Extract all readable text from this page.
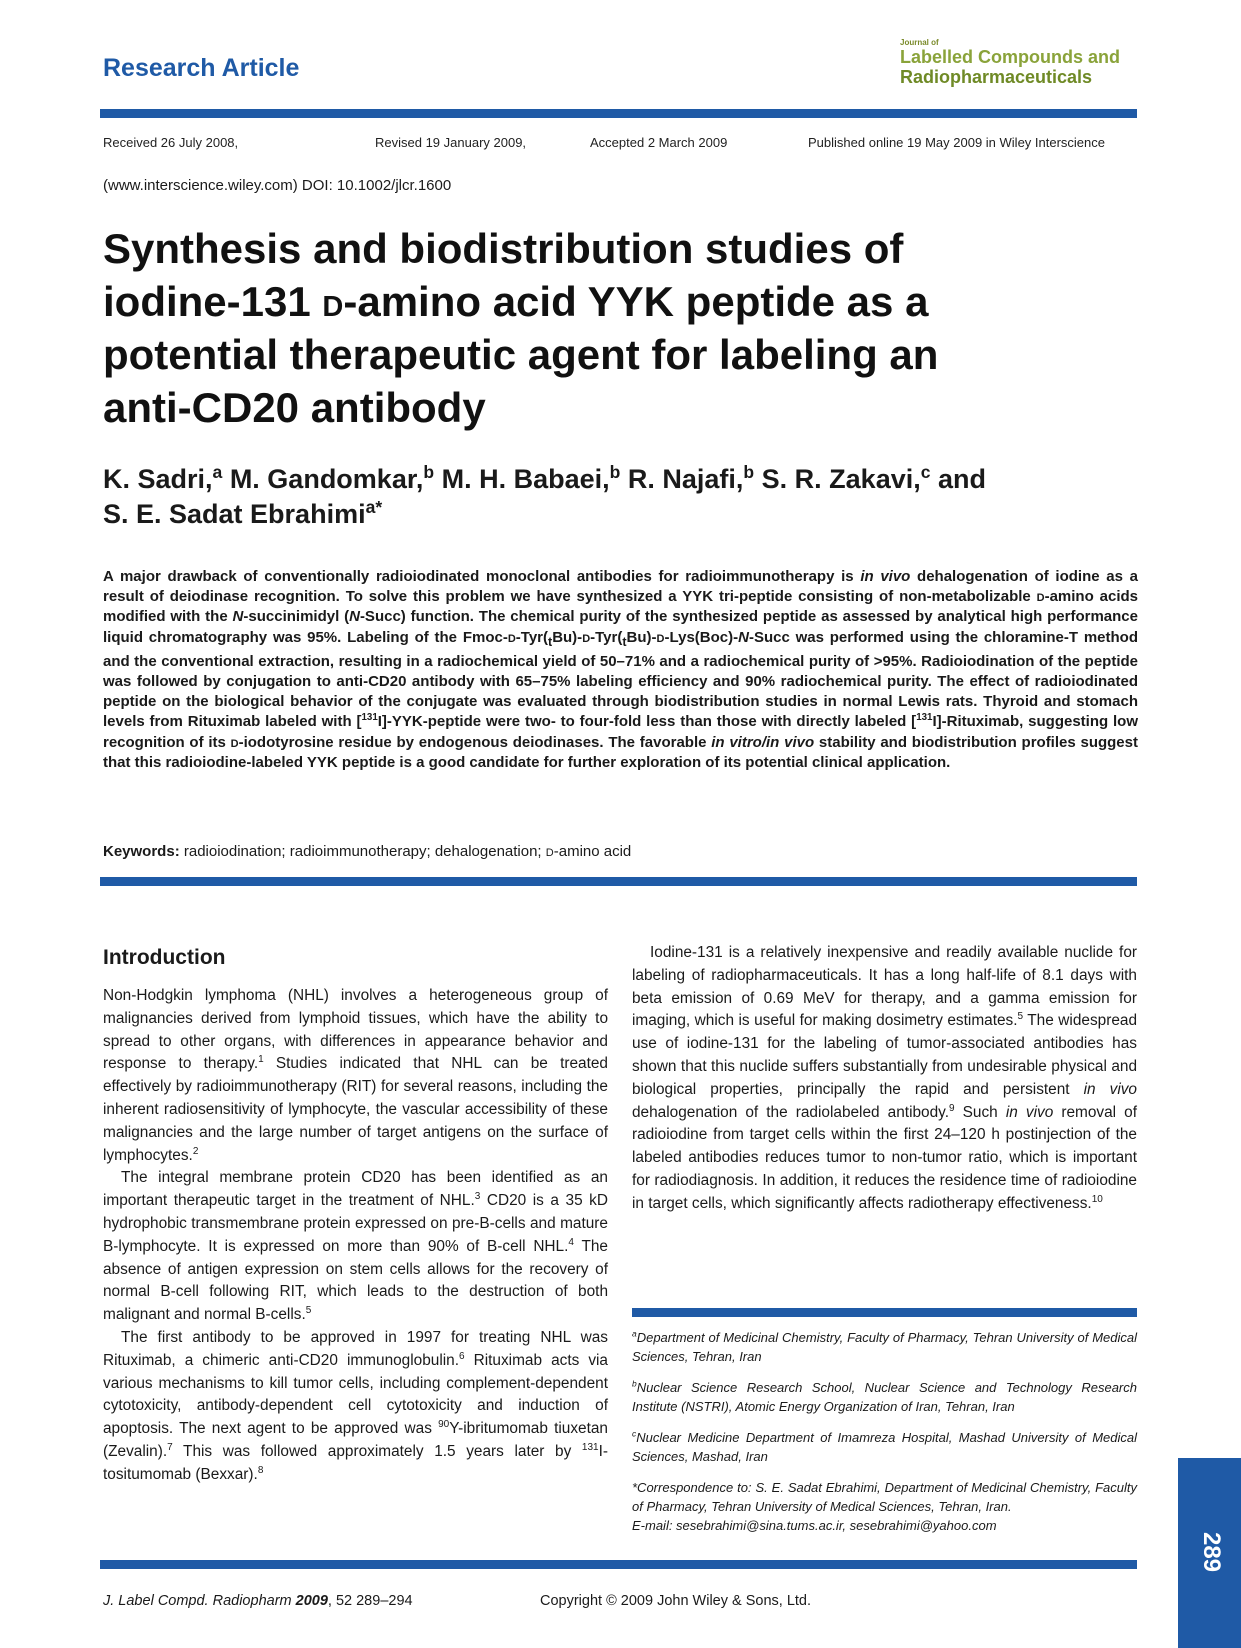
Research Article
Journal of
Labelled Compounds and
Radiopharmaceuticals
Received 26 July 2008,	Revised 19 January 2009,	Accepted 2 March 2009	Published online 19 May 2009 in Wiley Interscience
(www.interscience.wiley.com) DOI: 10.1002/jlcr.1600
Synthesis and biodistribution studies of
iodine-131 d-amino acid YYK peptide as a
potential therapeutic agent for labeling an
anti-CD20 antibody
K. Sadri,$^a$ M. Gandomkar,$^b$ M. H. Babaei,$^b$ R. Najafi,$^b$ S. R. Zakavi,$^c$ and
S. E. Sadat Ebrahimi$^{a*}$
A major drawback of conventionally radioiodinated monoclonal antibodies for radioimmunotherapy is in vivo dehalogenation of iodine as a result of deiodinase recognition. To solve this problem we have synthesized a YYK tri-peptide consisting of non-metabolizable d-amino acids modified with the N-succinimidyl (N-Succ) function. The chemical purity of the synthesized peptide as assessed by analytical high performance liquid chromatography was 95%. Labeling of the Fmoc-$d-Tyr(_tBu)-d-Tyr(_tBu)-d-Lys(Boc)-N$-Succ was performed using the chloramine-T method and the conventional extraction, resulting in a radiochemical yield of 50–71% and a radiochemical purity of >95%. Radioiodination of the peptide was followed by conjugation to anti-CD20 antibody with 65–75% labeling efficiency and 90% radiochemical purity. The effect of radioiodinated peptide on the biological behavior of the conjugate was evaluated through biodistribution studies in normal Lewis rats. Thyroid and stomach levels from Rituximab labeled with [$^{131}$I]-YYK-peptide were two- to four-fold less than those with directly labeled [$^{131}$I]-Rituximab, suggesting low recognition of its d-iodotyrosine residue by endogenous deiodinases. The favorable in vitro/in vivo stability and biodistribution profiles suggest that this radioiodine-labeled YYK peptide is a good candidate for further exploration of its potential clinical application.
Keywords: radioiodination; radioimmunotherapy; dehalogenation; d-amino acid
Introduction

Non-Hodgkin lymphoma (NHL) involves a heterogeneous group of malignancies derived from lymphoid tissues, which have the ability to spread to other organs, with differences in appearance behavior and response to therapy.$^1$ Studies indicated that NHL can be treated effectively by radioimmunotherapy (RIT) for several reasons, including the inherent radiosensitivity of lymphocyte, the vascular accessibility of these malignancies and the large number of target antigens on the surface of lymphocytes.$^2$

The integral membrane protein CD20 has been identified as an important therapeutic target in the treatment of NHL.$^3$ CD20 is a 35 kD hydrophobic transmembrane protein expressed on pre-B-cells and mature B-lymphocyte. It is expressed on more than 90% of B-cell NHL.$^4$ The absence of antigen expression on stem cells allows for the recovery of normal B-cell following RIT, which leads to the destruction of both malignant and normal B-cells.$^5$

The first antibody to be approved in 1997 for treating NHL was Rituximab, a chimeric anti-CD20 immunoglobulin.$^6$ Rituximab acts via various mechanisms to kill tumor cells, including complement-dependent cytotoxicity, antibody-dependent cell cytotoxicity and induction of apoptosis. The next agent to be approved was $^{90}$Y-ibritumomab tiuxetan (Zevalin).$^7$ This was followed approximately 1.5 years later by $^{131}$I-tositumomab (Bexxar).$^8$

Iodine-131 is a relatively inexpensive and readily available nuclide for labeling of radiopharmaceuticals. It has a long half-life of 8.1 days with beta emission of 0.69 MeV for therapy, and a gamma emission for imaging, which is useful for making dosimetry estimates.$^5$ The widespread use of iodine-131 for the labeling of tumor-associated antibodies has shown that this nuclide suffers substantially from undesirable physical and biological properties, principally the rapid and persistent in vivo dehalogenation of the radiolabeled antibody.$^9$ Such in vivo removal of radioiodine from target cells within the first 24–120 h postinjection of the labeled antibodies reduces tumor to non-tumor ratio, which is important for radiodiagnosis. In addition, it reduces the residence time of radioiodine in target cells, which significantly affects radiotherapy effectiveness.$^{10}$

$^a$Department of Medicinal Chemistry, Faculty of Pharmacy, Tehran University of Medical Sciences, Tehran, Iran

$^b$Nuclear Science Research School, Nuclear Science and Technology Research Institute (NSTRI), Atomic Energy Organization of Iran, Tehran, Iran

$^c$Nuclear Medicine Department of Imamreza Hospital, Mashad University of Medical Sciences, Mashad, Iran

*Correspondence to: S. E. Sadat Ebrahimi, Department of Medicinal Chemistry, Faculty of Pharmacy, Tehran University of Medical Sciences, Tehran, Iran.
E-mail: sesebrahimi@sina.tums.ac.ir, sesebrahimi@yahoo.com

J. Label Compd. Radiopharm 2009, 52 289–294	Copyright © 2009 John Wiley & Sons, Ltd.
289
